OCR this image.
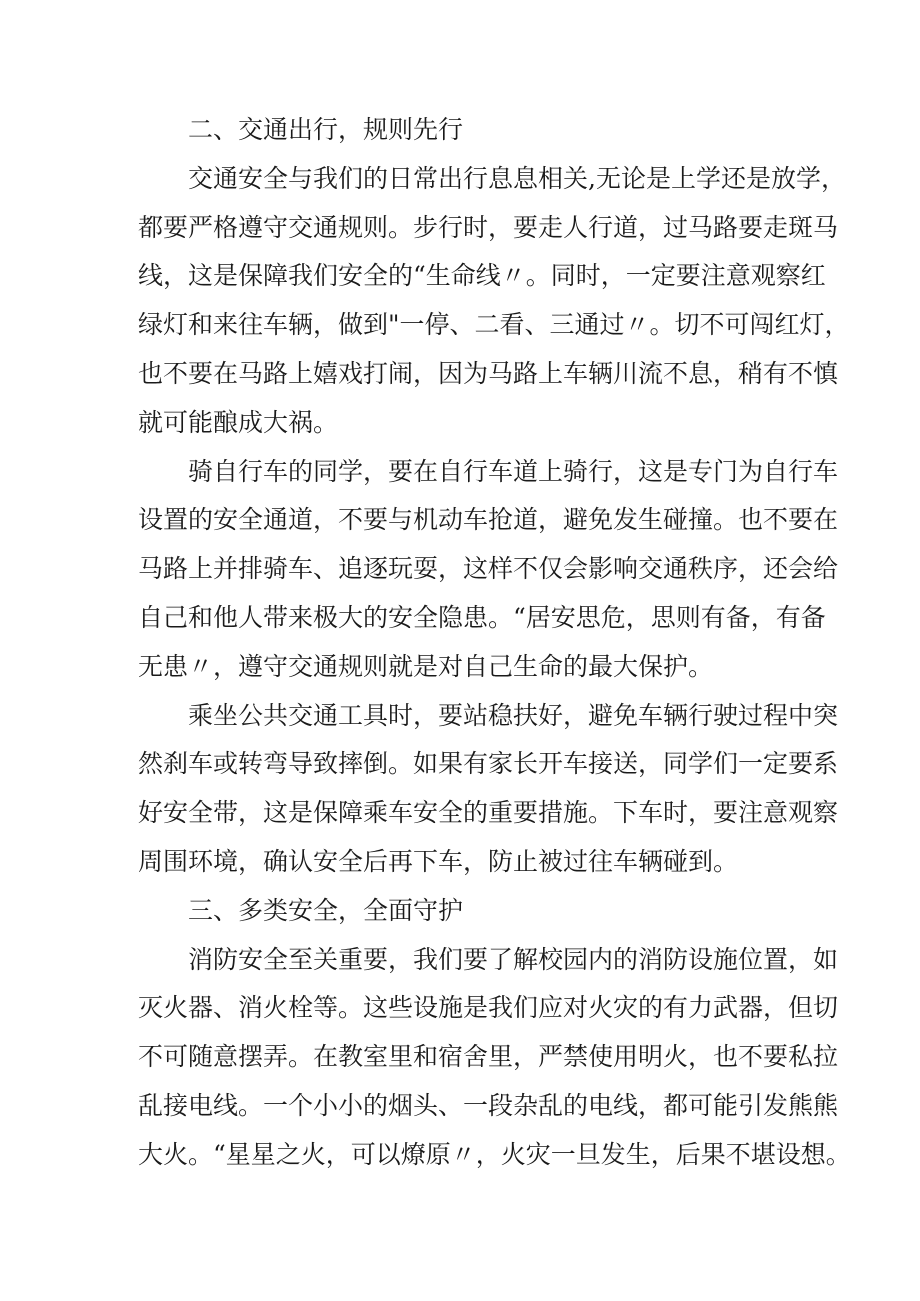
二、交通出行，规则先行
交通安全与我们的日常出行息息相关,无论是上学还是放学，
都要严格遵守交通规则。步行时，要走人行道，过马路要走斑马
线，这是保障我们安全的“生命线〃。同时，一定要注意观察红
绿灯和来往车辆，做到"一停、二看、三通过〃。切不可闯红灯，
也不要在马路上嬉戏打闹，因为马路上车辆川流不息，稍有不慎
就可能酿成大祸。
骑自行车的同学，要在自行车道上骑行，这是专门为自行车
设置的安全通道，不要与机动车抢道，避免发生碰撞。也不要在
马路上并排骑车、追逐玩耍，这样不仅会影响交通秩序，还会给
自己和他人带来极大的安全隐患。“居安思危，思则有备，有备
无患〃，遵守交通规则就是对自己生命的最大保护。
乘坐公共交通工具时，要站稳扶好，避免车辆行驶过程中突
然刹车或转弯导致摔倒。如果有家长开车接送，同学们一定要系
好安全带，这是保障乘车安全的重要措施。下车时，要注意观察
周围环境，确认安全后再下车，防止被过往车辆碰到。
三、多类安全，全面守护
消防安全至关重要，我们要了解校园内的消防设施位置，如
灭火器、消火栓等。这些设施是我们应对火灾的有力武器，但切
不可随意摆弄。在教室里和宿舍里，严禁使用明火，也不要私拉
乱接电线。一个小小的烟头、一段杂乱的电线，都可能引发熊熊
大火。“星星之火，可以燎原〃，火灾一旦发生，后果不堪设想。
